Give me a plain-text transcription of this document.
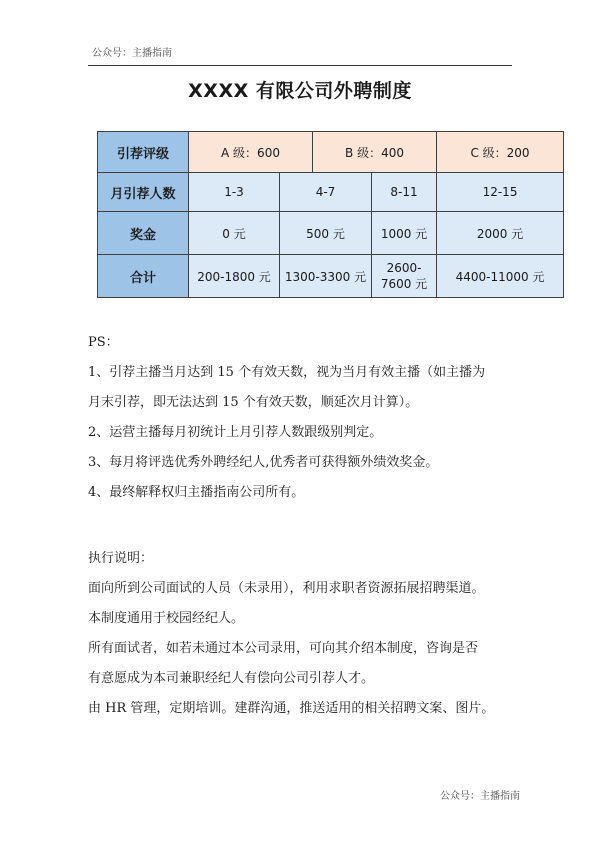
公众号：主播指南
XXXX 有限公司外聘制度
引荐评级	A 级：600		B 级：400		C 级：200
月引荐人数	1-3	4-7		8-11	12-15
奖金	0 元	500 元		1000 元	2000 元
合计	200-1800 元	1300-3300 元		2600-7600 元	4400-11000 元

PS：

1、引荐主播当月达到 15 个有效天数，视为当月有效主播（如主播为

月末引荐，即无法达到 15 个有效天数，顺延次月计算）。

2、运营主播每月初统计上月引荐人数跟级别判定。

3、每月将评选优秀外聘经纪人,优秀者可获得额外绩效奖金。

4、最终解释权归主播指南公司所有。

执行说明：

面向所到公司面试的人员（未录用），利用求职者资源拓展招聘渠道。

本制度通用于校园经纪人。

所有面试者，如若未通过本公司录用，可向其介绍本制度，咨询是否

有意愿成为本司兼职经纪人有偿向公司引荐人才。

由 HR 管理，定期培训。建群沟通，推送适用的相关招聘文案、图片。

公众号：主播指南
